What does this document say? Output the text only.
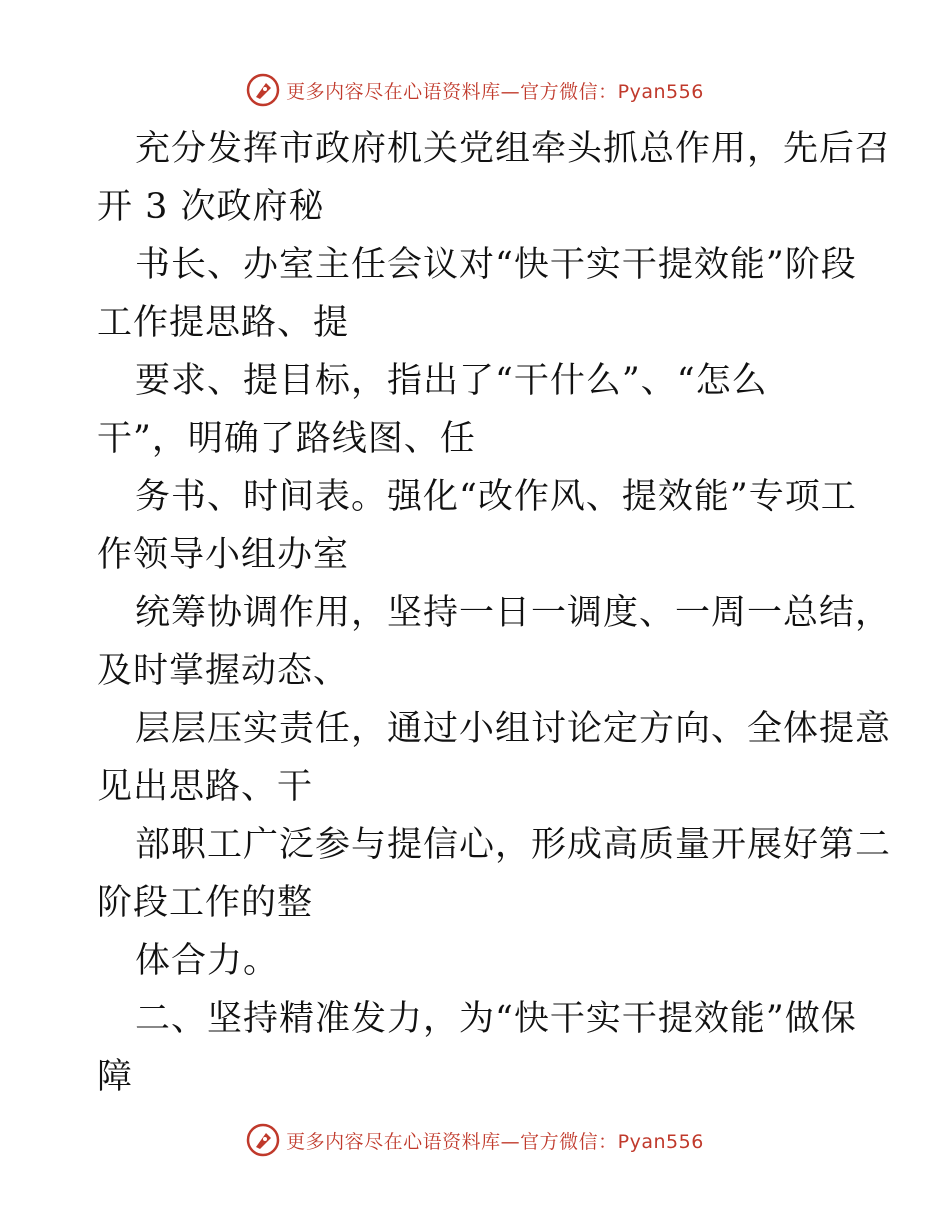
更多内容尽在心语资料库—官方微信：Pyan556
充分发挥市政府机关党组牵头抓总作用，先后召
开 3 次政府秘
书长、办室主任会议对“快干实干提效能”阶段
工作提思路、提
要求、提目标，指出了“干什么”、“怎么
干”，明确了路线图、任
务书、时间表。强化“改作风、提效能”专项工
作领导小组办室
统筹协调作用，坚持一日一调度、一周一总结，
及时掌握动态、
层层压实责任，通过小组讨论定方向、全体提意
见出思路、干
部职工广泛参与提信心，形成高质量开展好第二
阶段工作的整
体合力。
二、坚持精准发力，为“快干实干提效能”做保
障
更多内容尽在心语资料库—官方微信：Pyan556
